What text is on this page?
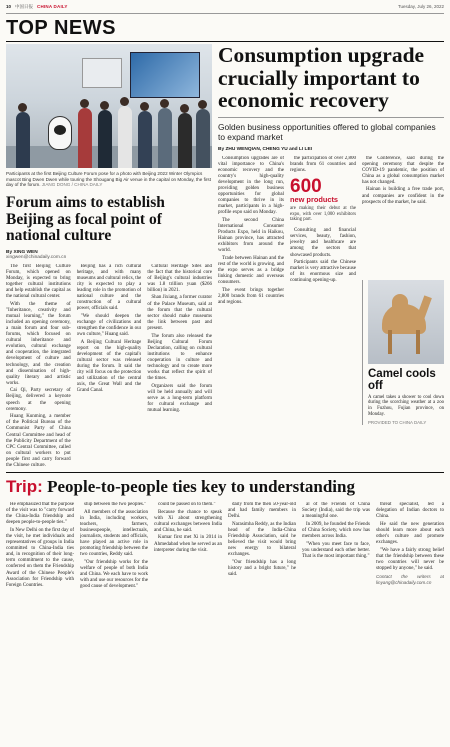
10 中国日报 CHINA DAILY	Tuesday, July 26, 2022
TOP NEWS
Participants at the first Beijing Culture Forum pose for a photo with Beijing 2022 Winter Olympics mascot Bing Dwen Dwen while touring the Shougang Big Air venue in the capital on Monday, the first day of the forum. JIANG DONG / CHINA DAILY
Forum aims to establish Beijing as focal point of national culture
By XING WEN
xingwen@chinadaily.com.cn

The first Beijing Culture Forum, which opened on Monday, is expected to bring together cultural institutions and help establish the capital as the national cultural center.

With the theme of "Inheritance, creativity and mutual learning," the forum included an opening ceremony, a main forum and four sub-forums, which focused on cultural inheritance and evolution, cultural exchange and cooperation, the integrated development of culture and technology, and the creation and dissemination of high-quality literary and artistic works.

Cai Qi, Party secretary of Beijing, delivered a keynote speech at the opening ceremony.

Huang Kunming, a member of the Political Bureau of the Communist Party of China Central Committee and head of the Publicity Department of the CPC Central Committee, called on cultural workers to put people first and carry forward the Chinese culture.

Beijing has a rich cultural heritage, and with many museums and cultural relics, the city is expected to play a leading role in the promotion of national culture and the construction of a cultural power, officials said.

"We should deepen the exchange of civilizations and strengthen the confidence in our own culture," Huang said.

A Beijing Cultural Heritage report on the high-quality development of the capital's cultural sector was released during the forum. It said the city will focus on the protection and utilization of the central axis, the Great Wall and the Grand Canal.

Cultural Heritage Sites and the fact that the historical core of Beijing's cultural industries was 1.8 trillion yuan ($266 billion) in 2021.

Shan Jixiang, a former curator of the Palace Museum, said at the forum that the cultural sector should make museums the link between past and present.

The forum also released the Beijing Cultural Forum Declaration, calling on cultural institutions to enhance cooperation in culture and technology and to create more works that reflect the spirit of the times.

Organizers said the forum will be held annually and will serve as a long-term platform for cultural exchange and mutual learning.

Consumption upgrade crucially important to economic recovery
Golden business opportunities offered to global companies to expand market
By ZHU WENQIAN, CHENG YU and LI LEI

Consumption upgrades are of vital importance to China's economic recovery and the country's high-quality development in the long run, providing golden business opportunities for global companies to thrive in its market, participants in a high-profile expo said on Monday.

The second China International Consumer Products Expo, held in Haikou, Hainan province, has attracted exhibitors from around the world.

Trade between Hainan and the rest of the world is growing, and the expo serves as a bridge linking domestic and overseas consumers.

The event brings together 2,800 brands from 61 countries and regions.

the participation of over 2,800 brands from 61 countries and regions.

600
new products
are making their debut at the expo, with over 1,000 exhibitors taking part.

Consulting and financial services, beauty, fashion, jewelry and healthcare are among the sectors that showcased products.

Participants said the Chinese market is very attractive because of its enormous size and continuing opening-up.

the Conference, said during the opening ceremony that despite the COVID-19 pandemic, the position of China as a global consumption market has not changed.

Hainan is building a free trade port, and companies are confident in the prospects of the market, he said.

Camel cools off
A camel takes a shower to cool down during the scorching weather at a zoo in Fuzhou, Fujian province, on Monday.
PROVIDED TO CHINA DAILY
Trip: People-to-people ties key to understanding

He emphasized that the purpose of the visit was to "carry forward the China-India friendship and deepen people-to-people ties."

In New Delhi on the first day of the visit, he met individuals and representatives of groups in India committed to China-India ties and, in recognition of their long-term commitment to the cause, conferred on them the Friendship Award of the Chinese People's Association for Friendship with Foreign Countries.

ship between the two peoples."

All members of the association in India, including workers, teachers, farmers, businesspeople, intellectuals, journalists, students and officials, have played an active role in promoting friendship between the two countries, Reddy said.

"Our friendship works for the welfare of people of both India and China. We each have to work with and use our resources for the good cause of development."

could be passed on to them."

Because the chance to speak with Xi about strengthening cultural exchanges between India and China, he said.

Kumar first met Xi in 2014 in Ahmedabad when he served as an interpreter during the visit.

daily from the then 50-year-old and had family members in Delhi.

Narasimha Reddy, as the Indian head of the India-China Friendship Association, said he believed the visit would bring new energy to bilateral exchanges.

"Our friendship has a long history and a bright future," he said.

al of the Friends of China Society (India), said the trip was a meaningful one.

In 2009, he founded the Friends of China Society, which now has members across India.

"When you meet face to face, you understand each other better. That is the most important thing."

threat specialist, led a delegation of Indian doctors to China.

He said the new generation should learn more about each other's culture and promote exchanges.

"We have a fairly strong belief that the friendship between these two countries will never be stopped by anyone," he said.

Contact the writers at linyang@chinadaily.com.cn
